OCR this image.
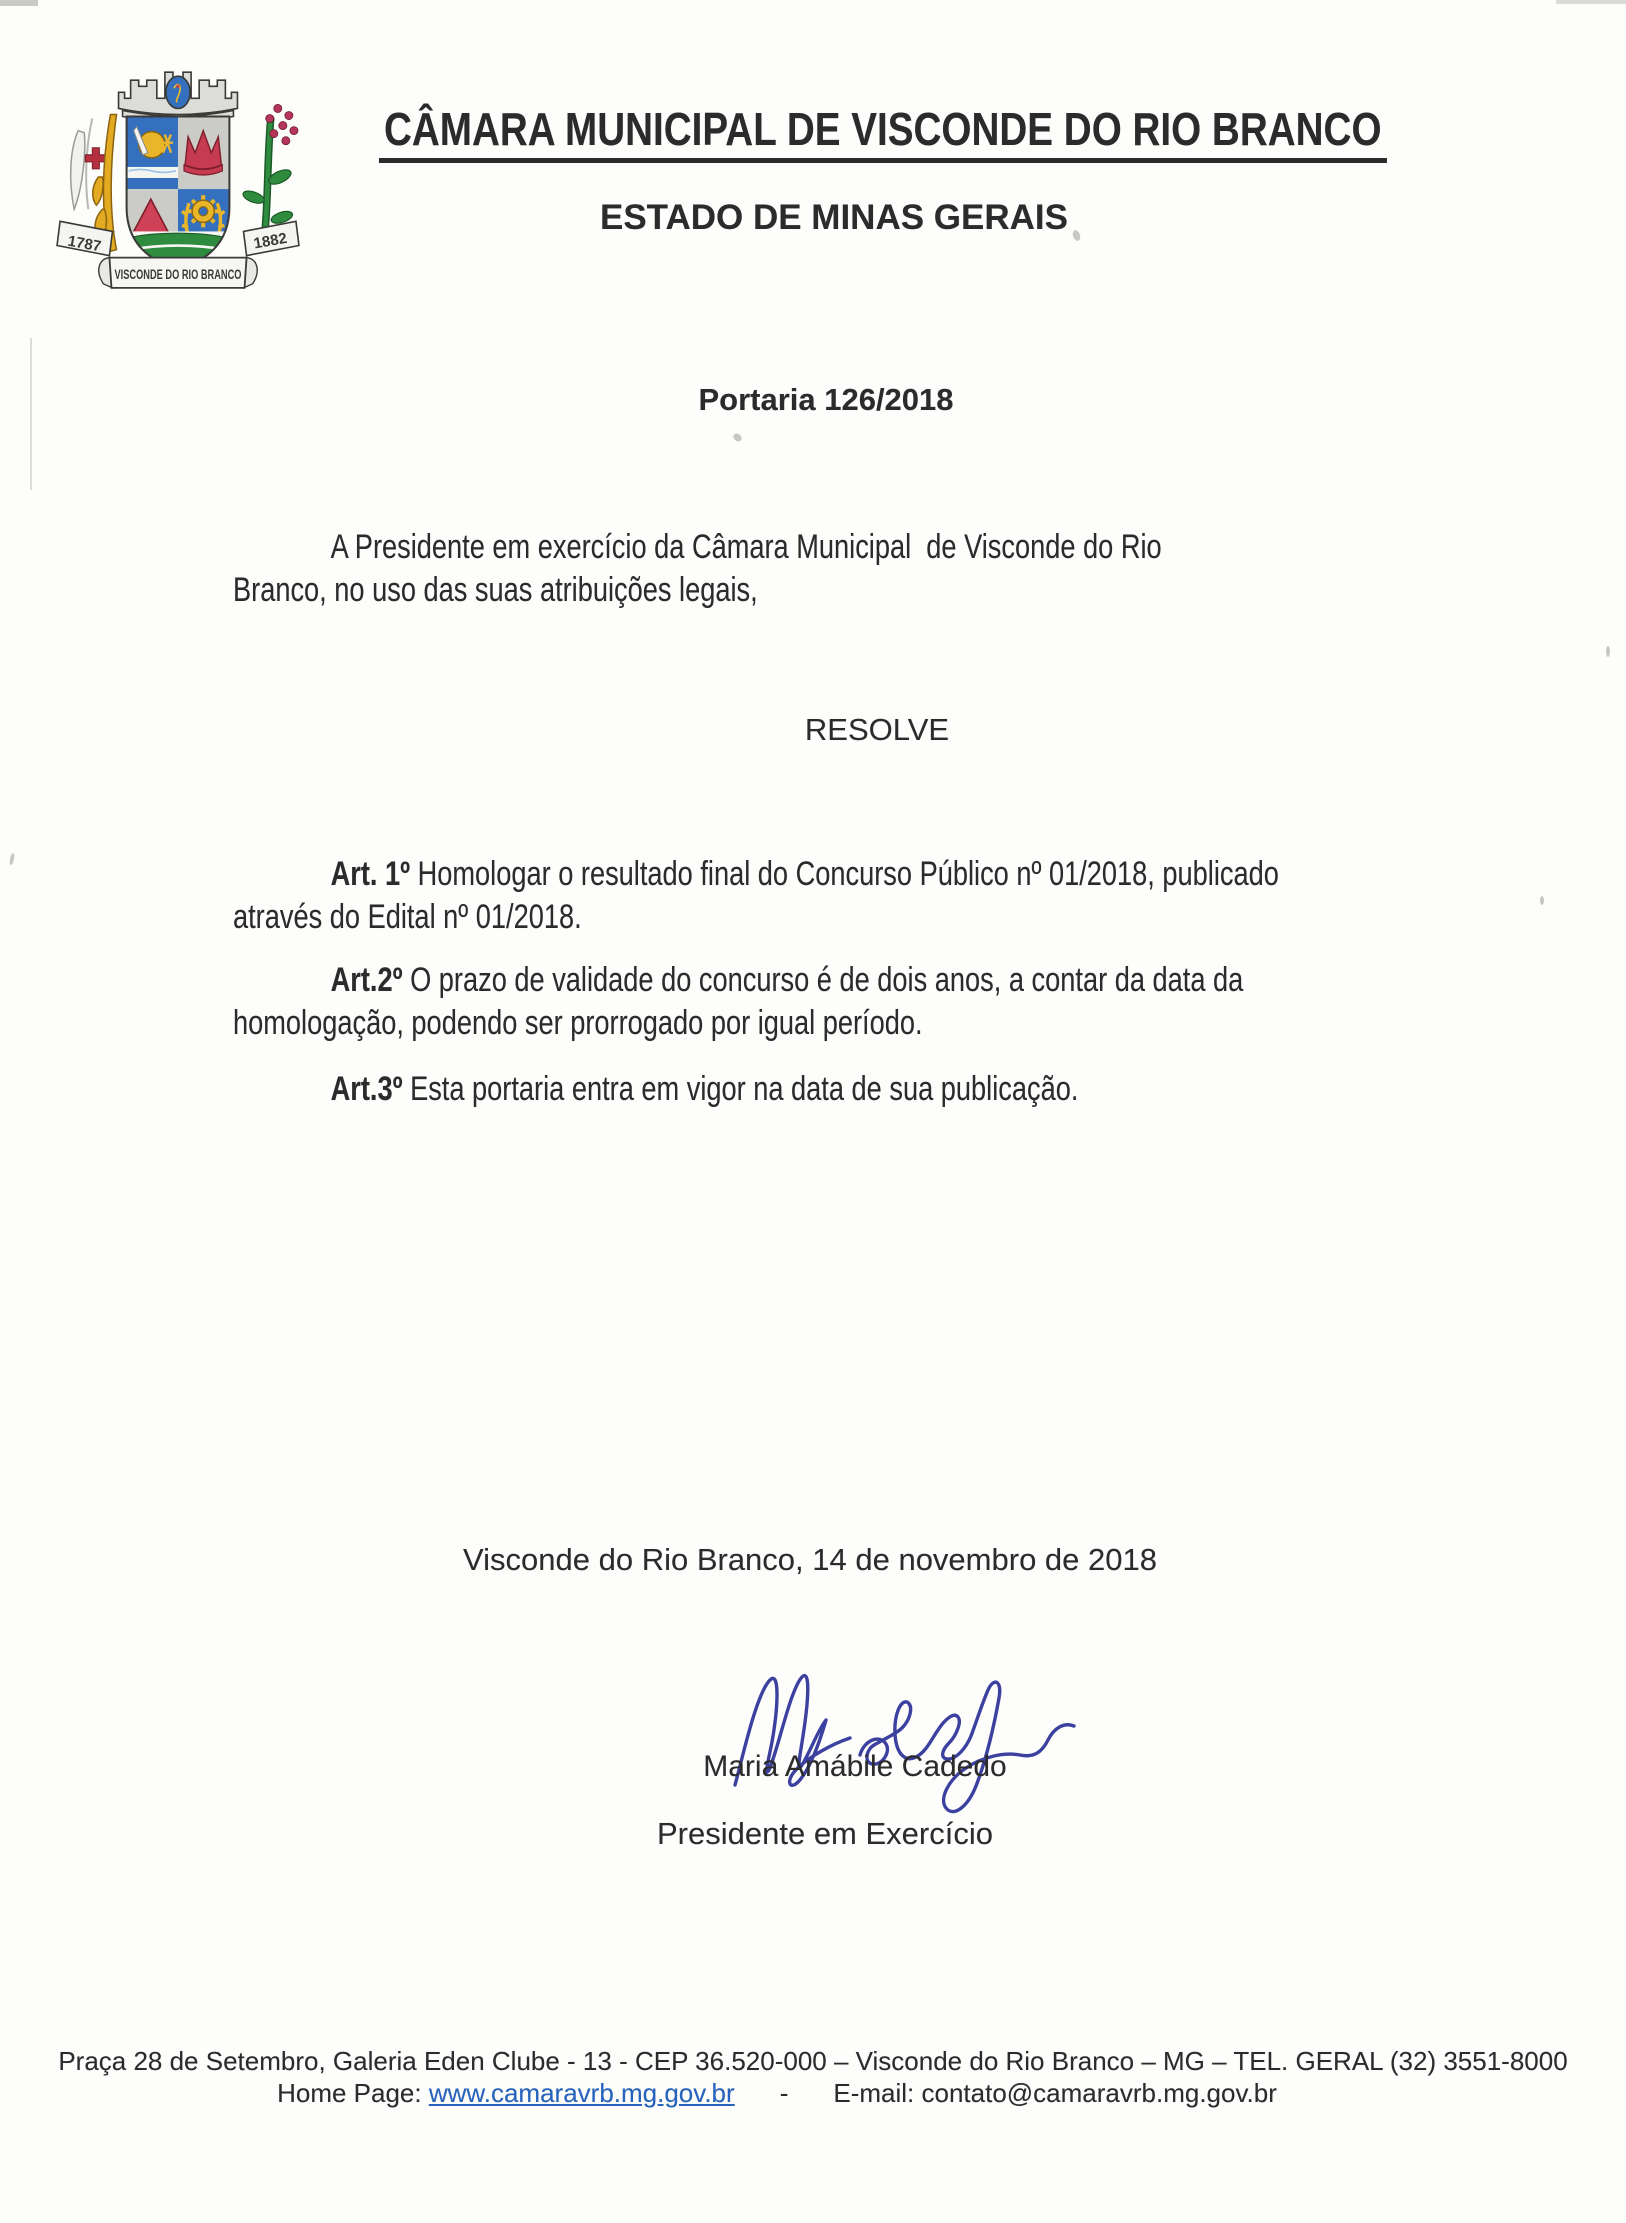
1787	1882
VISCONDE DO RIO BRANCO
CÂMARA MUNICIPAL DE VISCONDE DO RIO BRANCO
ESTADO DE MINAS GERAIS
Portaria 126/2018
A Presidente em exercício da Câmara Municipal  de Visconde do Rio
Branco, no uso das suas atribuições legais,
RESOLVE
Art. 1º Homologar o resultado final do Concurso Público nº 01/2018, publicado
através do Edital nº 01/2018.
Art.2º O prazo de validade do concurso é de dois anos, a contar da data da
homologação, podendo ser prorrogado por igual período.
Art.3º Esta portaria entra em vigor na data de sua publicação.
Visconde do Rio Branco, 14 de novembro de 2018
Maria Amábile Cadedo
Presidente em Exercício
Praça 28 de Setembro, Galeria Eden Clube - 13 - CEP 36.520-000 – Visconde do Rio Branco – MG – TEL. GERAL (32) 3551-8000
Home Page: www.camaravrb.mg.gov.br - E-mail: contato@camaravrb.mg.gov.br
